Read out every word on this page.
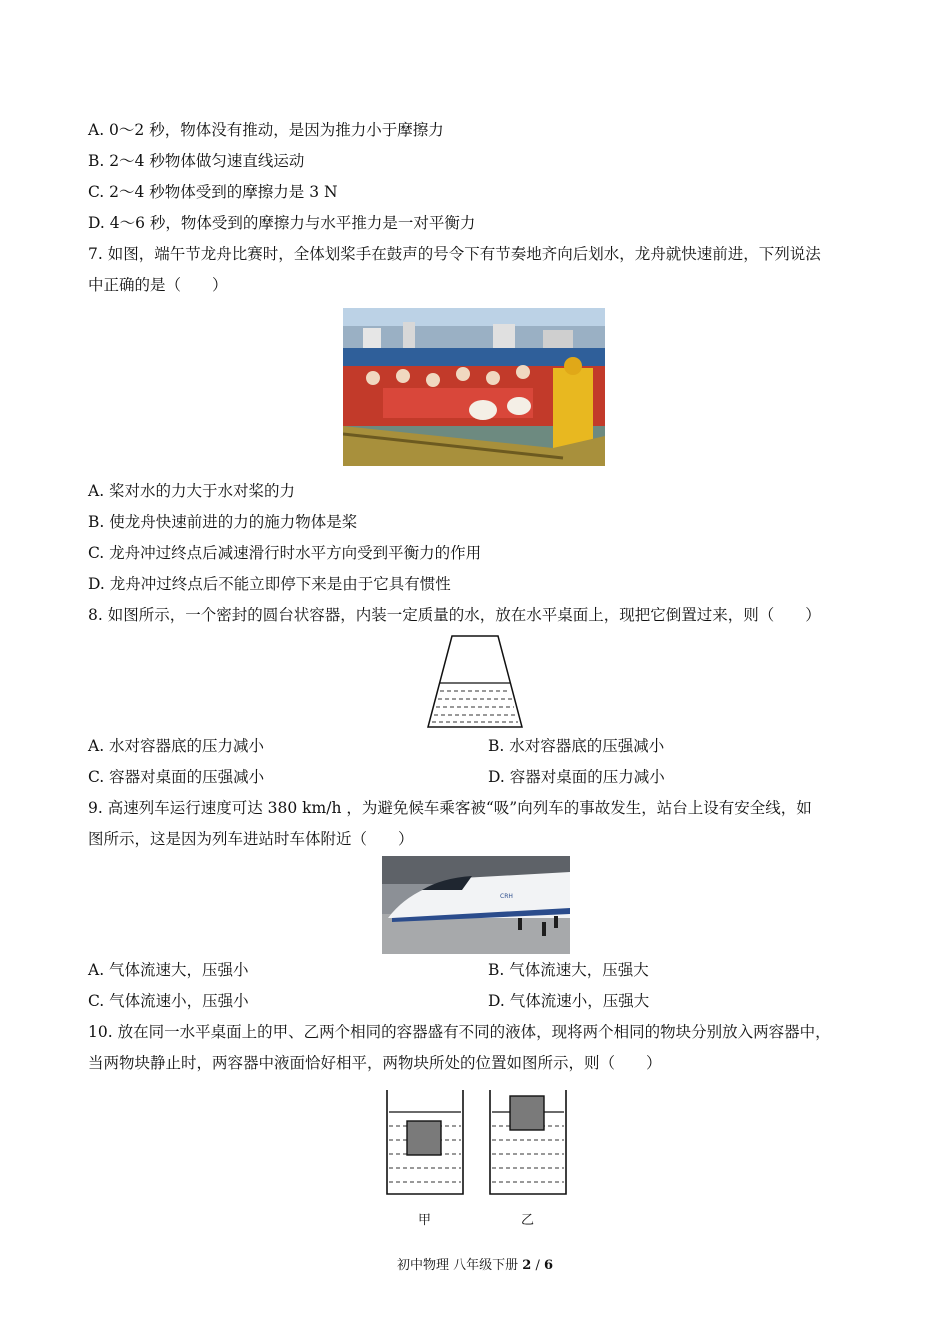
A. 0～2 秒，物体没有推动，是因为推力小于摩擦力
B. 2～4 秒物体做匀速直线运动
C. 2～4 秒物体受到的摩擦力是 3 N
D. 4～6 秒，物体受到的摩擦力与水平推力是一对平衡力
7. 如图，端午节龙舟比赛时，全体划桨手在鼓声的号令下有节奏地齐向后划水，龙舟就快速前进，下列说法
中正确的是（　　）
A. 桨对水的力大于水对桨的力
B. 使龙舟快速前进的力的施力物体是桨
C. 龙舟冲过终点后减速滑行时水平方向受到平衡力的作用
D. 龙舟冲过终点后不能立即停下来是由于它具有惯性
8. 如图所示，一个密封的圆台状容器，内装一定质量的水，放在水平桌面上，现把它倒置过来，则（　　）
A. 水对容器底的压力减小	B. 水对容器底的压强减小
C. 容器对桌面的压强减小	D. 容器对桌面的压力减小
9. 高速列车运行速度可达 380 km/h ，为避免候车乘客被“吸”向列车的事故发生，站台上设有安全线，如
图所示，这是因为列车进站时车体附近（　　）
CRH
A. 气体流速大，压强小	B. 气体流速大，压强大
C. 气体流速小，压强小	D. 气体流速小，压强大
10. 放在同一水平桌面上的甲、乙两个相同的容器盛有不同的液体，现将两个相同的物块分别放入两容器中，
当两物块静止时，两容器中液面恰好相平，两物块所处的位置如图所示，则（　　）
甲	乙
初中物理 八年级下册 2 / 6
